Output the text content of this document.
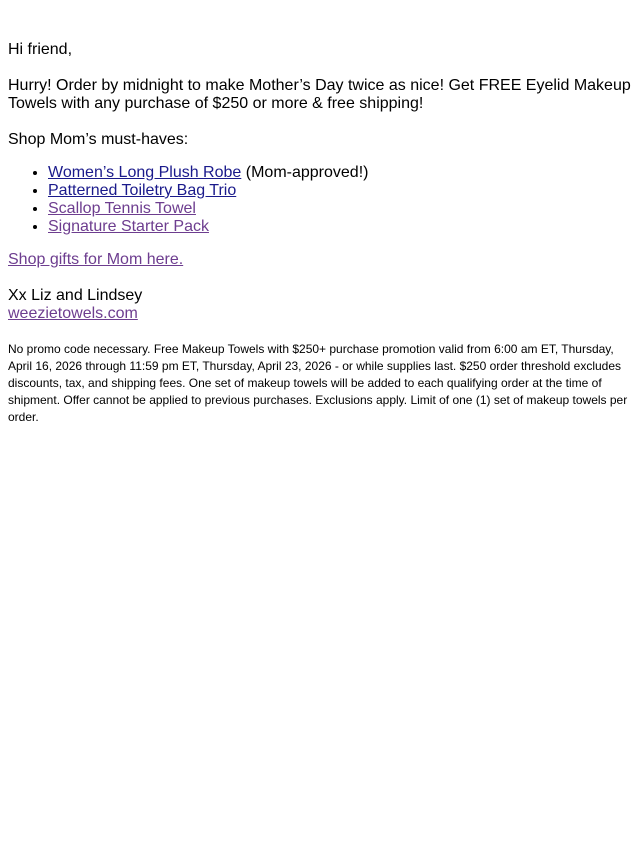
Hi friend,

Hurry! Order by midnight to make Mother’s Day twice as nice! Get FREE Eyelid Makeup Towels with any purchase of $250 or more & free shipping!

Shop Mom’s must-haves:

• Women’s Long Plush Robe (Mom-approved!)
• Patterned Toiletry Bag Trio
• Scallop Tennis Towel
• Signature Starter Pack

Shop gifts for Mom here.

Xx Liz and Lindsey
weezietowels.com

No promo code necessary. Free Makeup Towels with $250+ purchase promotion valid from 6:00 am ET, Thursday, April 16, 2026 through 11:59 pm ET, Thursday, April 23, 2026 - or while supplies last. $250 order threshold excludes discounts, tax, and shipping fees. One set of makeup towels will be added to each qualifying order at the time of shipment. Offer cannot be applied to previous purchases. Exclusions apply. Limit of one (1) set of makeup towels per order.
